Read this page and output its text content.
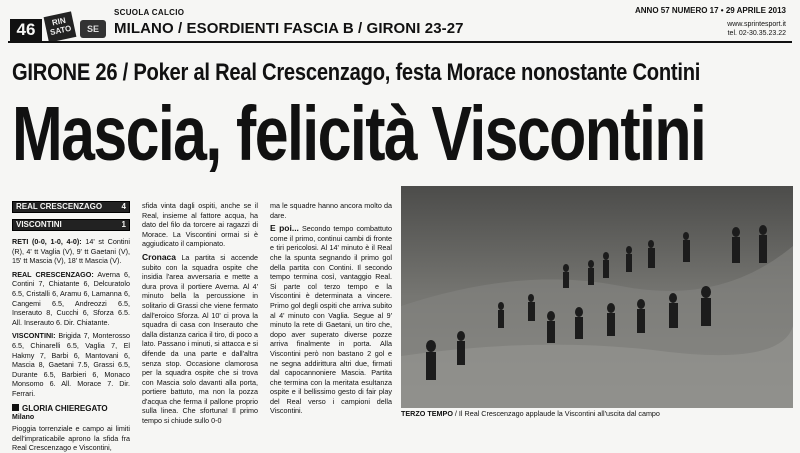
46	RIN SATO	SE
SCUOLA CALCIO
MILANO / ESORDIENTI FASCIA B / GIRONI 23-27
ANNO 57 NUMERO 17 • 29 APRILE 2013
www.sprintesport.it
tel. 02-30.35.23.22
GIRONE 26 / Poker al Real Crescenzago, festa Morace nonostante Contini
Mascia, felicità Viscontini
REAL CRESCENZAGO 4
VISCONTINI	1

RETI (0-0, 1-0, 4-0): 14' st Contini (R), 4' tt Vaglia (V), 9' tt Gaetani (V), 15' tt Mascia (V), 18' tt Mascia (V).

REAL CRESCENZAGO: Averna 6, Contini 7, Chiatante 6, Delcuratolo 6.5, Cristalli 6, Aramu 6, Lamanna 6, Cangemi 6.5, Andreozzi 6.5, Inserauto 8, Cucchi 6, Sforza 6.5. All. Inserauto 6. Dir. Chiatante.

VISCONTINI: Brigida 7, Monterosso 6.5, Chinarelli 6.5, Vaglia 7, El Hakmy 7, Barbi 6, Mantovani 6, Mascia 8, Gaetani 7.5, Grassi 6.5, Durante 6.5, Barbieri 6, Monaco Monsomo 6. All. Morace 7. Dir. Ferrari.

GLORIA CHIEREGATO
Milano
Pioggia torrenziale e campo ai limiti dell'impraticabile aprono la sfida fra Real Crescenzago e Viscontini,

sfida vinta dagli ospiti, anche se il Real, insieme al fattore acqua, ha dato del filo da torcere ai ragazzi di Morace. La Viscontini ormai si è aggiudicato il campionato.

Cronaca La partita si accende subito con la squadra ospite che insidia l'area avversaria e mette a dura prova il portiere Averna. Al 4' minuto bella la percussione in solitario di Grassi che viene fermato dall'eroico Sforza. Al 10' ci prova la squadra di casa con Inserauto che dalla distanza carica il tiro, di poco a lato. Passano i minuti, si attacca e si difende da una parte e dall'altra senza stop. Occasione clamorosa per la squadra ospite che si trova con Mascia solo davanti alla porta, portiere battuto, ma non la pozza d'acqua che ferma il pallone proprio sulla linea. Che sfortuna! Il primo tempo si chiude sullo 0-0

ma le squadre hanno ancora molto da dare.

E poi... Secondo tempo combattuto come il primo, continui cambi di fronte e tiri pericolosi. Al 14' minuto è il Real che la spunta segnando il primo gol della partita con Contini. Il secondo tempo termina così, vantaggio Real. Si parte col terzo tempo e la Viscontini è determinata a vincere. Primo gol degli ospiti che arriva subito al 4' minuto con Vaglia. Segue al 9' minuto la rete di Gaetani, un tiro che, dopo aver superato diverse pozze arriva finalmente in porta. Alla Viscontini però non bastano 2 gol e ne segna addirittura altri due, firmati dal capocannoniere Mascia. Partita che termina con la meritata esultanza ospite e il bellissimo gesto di fair play del Real verso i campioni della Viscontini.	TERZO TEMPO / Il Real Crescenzago applaude la Viscontini all'uscita dal campo
